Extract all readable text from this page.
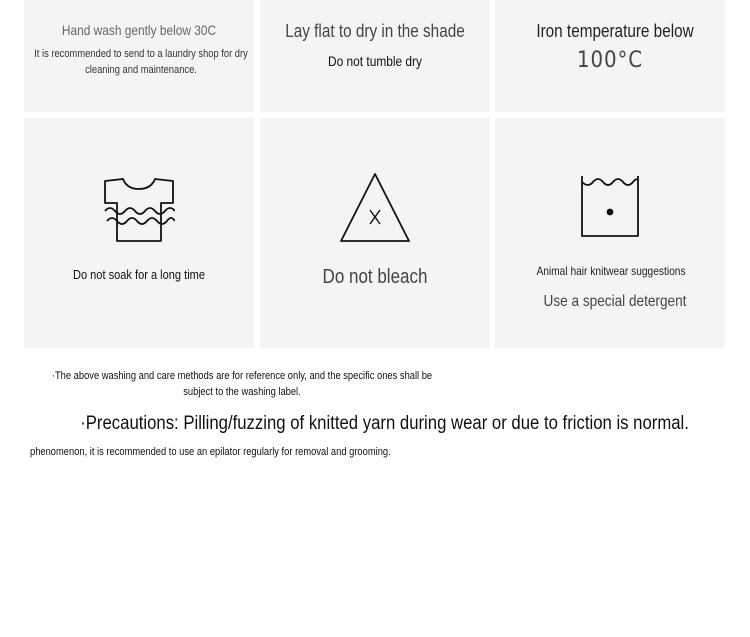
Hand wash gently below 30C
It is recommended to send to a laundry shop for dry cleaning and maintenance.
Lay flat to dry in the shade
Do not tumble dry
Iron temperature below
100°C
Do not soak for a long time	Do not bleach	Animal hair knitwear suggestions
Use a special detergent
·The above washing and care methods are for reference only, and the specific ones shall be subject to the washing label.
·Precautions: Pilling/fuzzing of knitted yarn during wear or due to friction is normal.
phenomenon, it is recommended to use an epilator regularly for removal and grooming.
